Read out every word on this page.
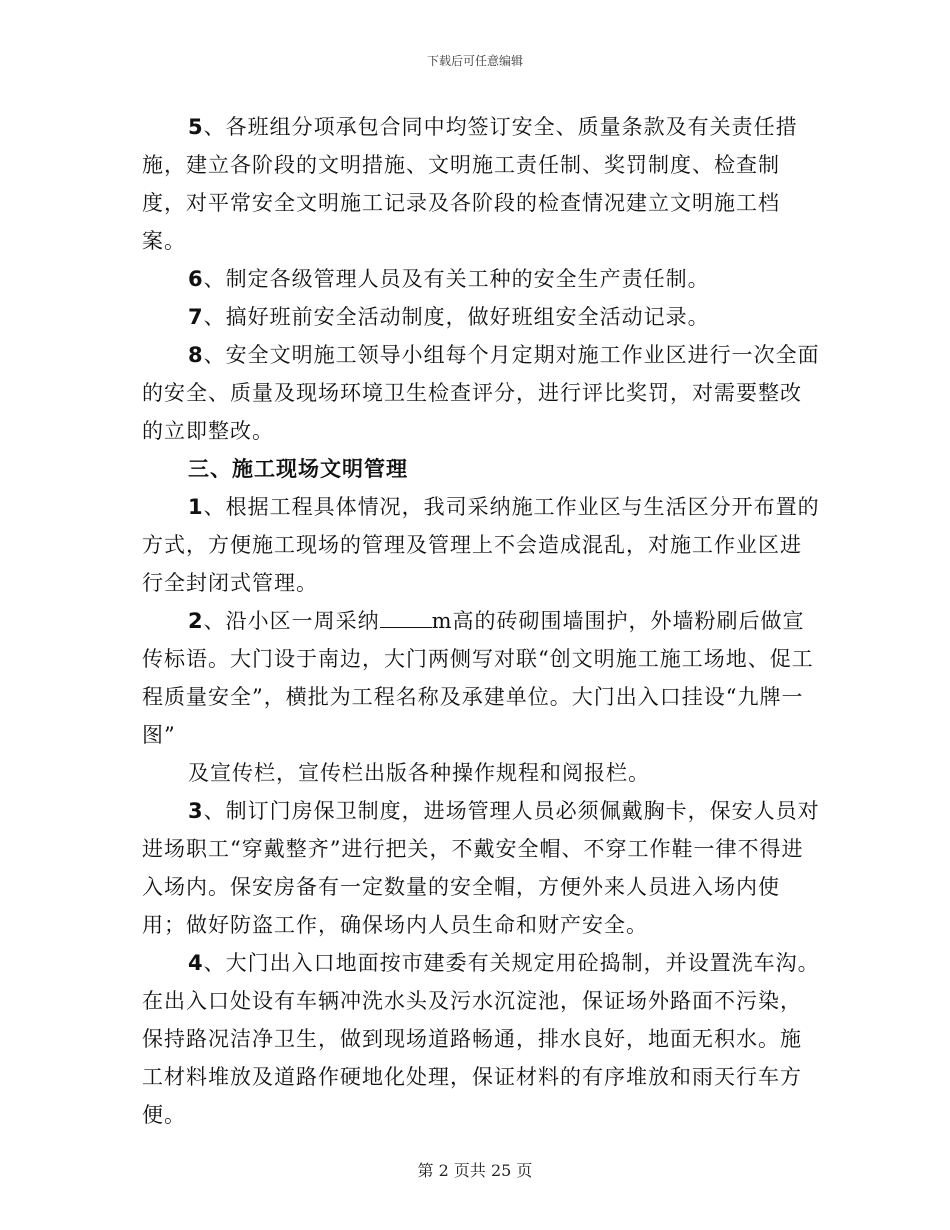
下载后可任意编辑

5、各班组分项承包合同中均签订安全、质量条款及有关责任措施，建立各阶段的文明措施、文明施工责任制、奖罚制度、检查制度，对平常安全文明施工记录及各阶段的检查情况建立文明施工档案。

6、制定各级管理人员及有关工种的安全生产责任制。

7、搞好班前安全活动制度，做好班组安全活动记录。

8、安全文明施工领导小组每个月定期对施工作业区进行一次全面的安全、质量及现场环境卫生检查评分，进行评比奖罚，对需要整改的立即整改。

三、施工现场文明管理

1、根据工程具体情况，我司采纳施工作业区与生活区分开布置的方式，方便施工现场的管理及管理上不会造成混乱，对施工作业区进行全封闭式管理。

2、沿小区一周采纳 m高的砖砌围墙围护，外墙粉刷后做宣传标语。大门设于南边，大门两侧写对联“创文明施工施工场地、促工程质量安全”，横批为工程名称及承建单位。大门出入口挂设“九牌一图”

及宣传栏，宣传栏出版各种操作规程和阅报栏。

3、制订门房保卫制度，进场管理人员必须佩戴胸卡，保安人员对进场职工“穿戴整齐”进行把关，不戴安全帽、不穿工作鞋一律不得进入场内。保安房备有一定数量的安全帽，方便外来人员进入场内使用；做好防盗工作，确保场内人员生命和财产安全。

4、大门出入口地面按市建委有关规定用砼捣制，并设置洗车沟。在出入口处设有车辆冲洗水头及污水沉淀池，保证场外路面不污染，保持路况洁净卫生，做到现场道路畅通，排水良好，地面无积水。施工材料堆放及道路作硬地化处理，保证材料的有序堆放和雨天行车方便。

第 2 页共 25 页
